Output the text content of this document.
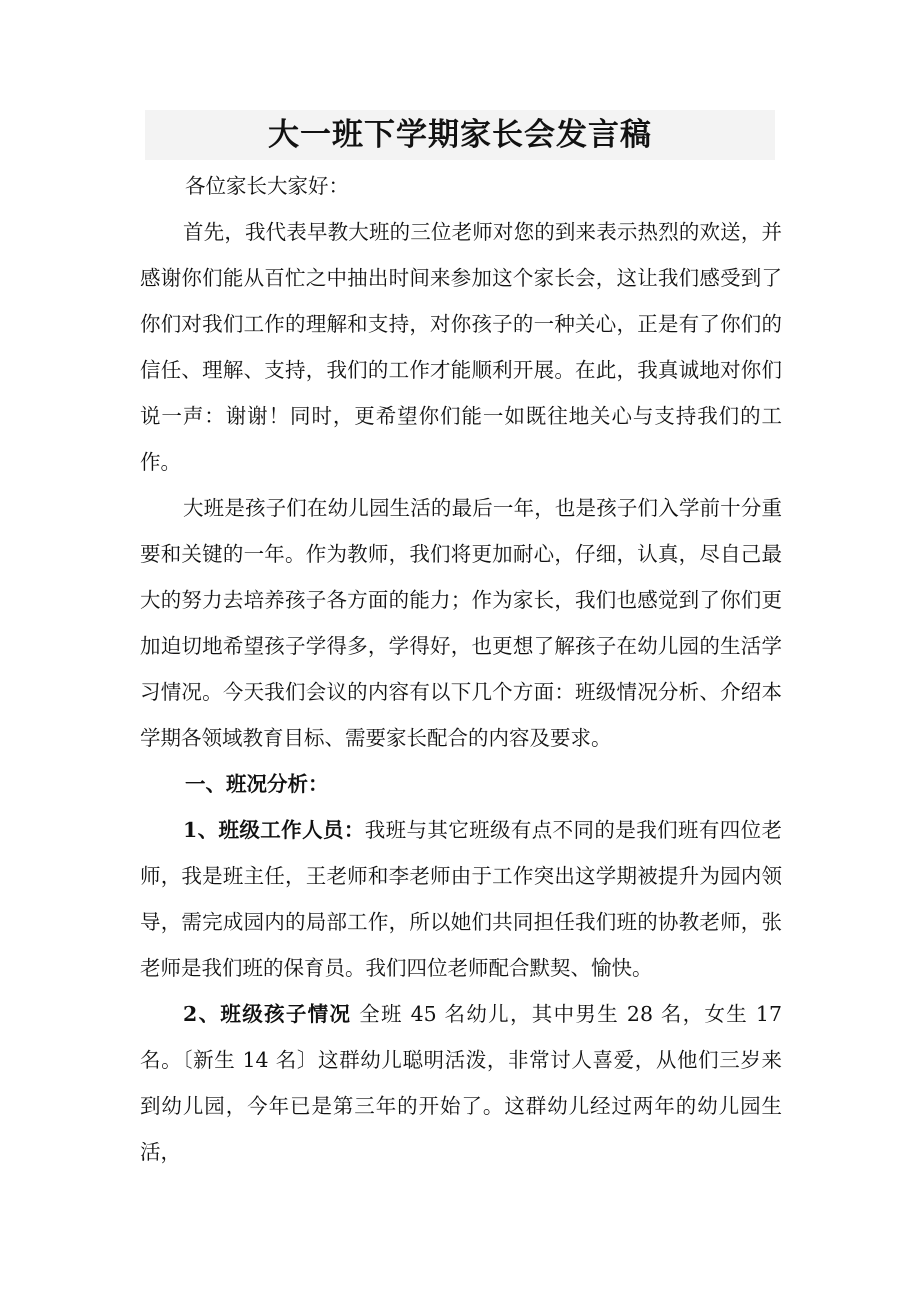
大一班下学期家长会发言稿

各位家长大家好：

首先，我代表早教大班的三位老师对您的到来表示热烈的欢送，并感谢你们能从百忙之中抽出时间来参加这个家长会，这让我们感受到了你们对我们工作的理解和支持，对你孩子的一种关心，正是有了你们的信任、理解、支持，我们的工作才能顺利开展。在此，我真诚地对你们说一声：谢谢！同时，更希望你们能一如既往地关心与支持我们的工作。

大班是孩子们在幼儿园生活的最后一年，也是孩子们入学前十分重要和关键的一年。作为教师，我们将更加耐心，仔细，认真，尽自己最大的努力去培养孩子各方面的能力；作为家长，我们也感觉到了你们更加迫切地希望孩子学得多，学得好，也更想了解孩子在幼儿园的生活学习情况。今天我们会议的内容有以下几个方面：班级情况分析、介绍本学期各领域教育目标、需要家长配合的内容及要求。

一、班况分析：

1、班级工作人员：我班与其它班级有点不同的是我们班有四位老师，我是班主任，王老师和李老师由于工作突出这学期被提升为园内领导，需完成园内的局部工作，所以她们共同担任我们班的协教老师，张老师是我们班的保育员。我们四位老师配合默契、愉快。

2、班级孩子情况 全班 45 名幼儿，其中男生 28 名，女生 17 名。〔新生 14 名〕这群幼儿聪明活泼，非常讨人喜爱，从他们三岁来到幼儿园，今年已是第三年的开始了。这群幼儿经过两年的幼儿园生活，
